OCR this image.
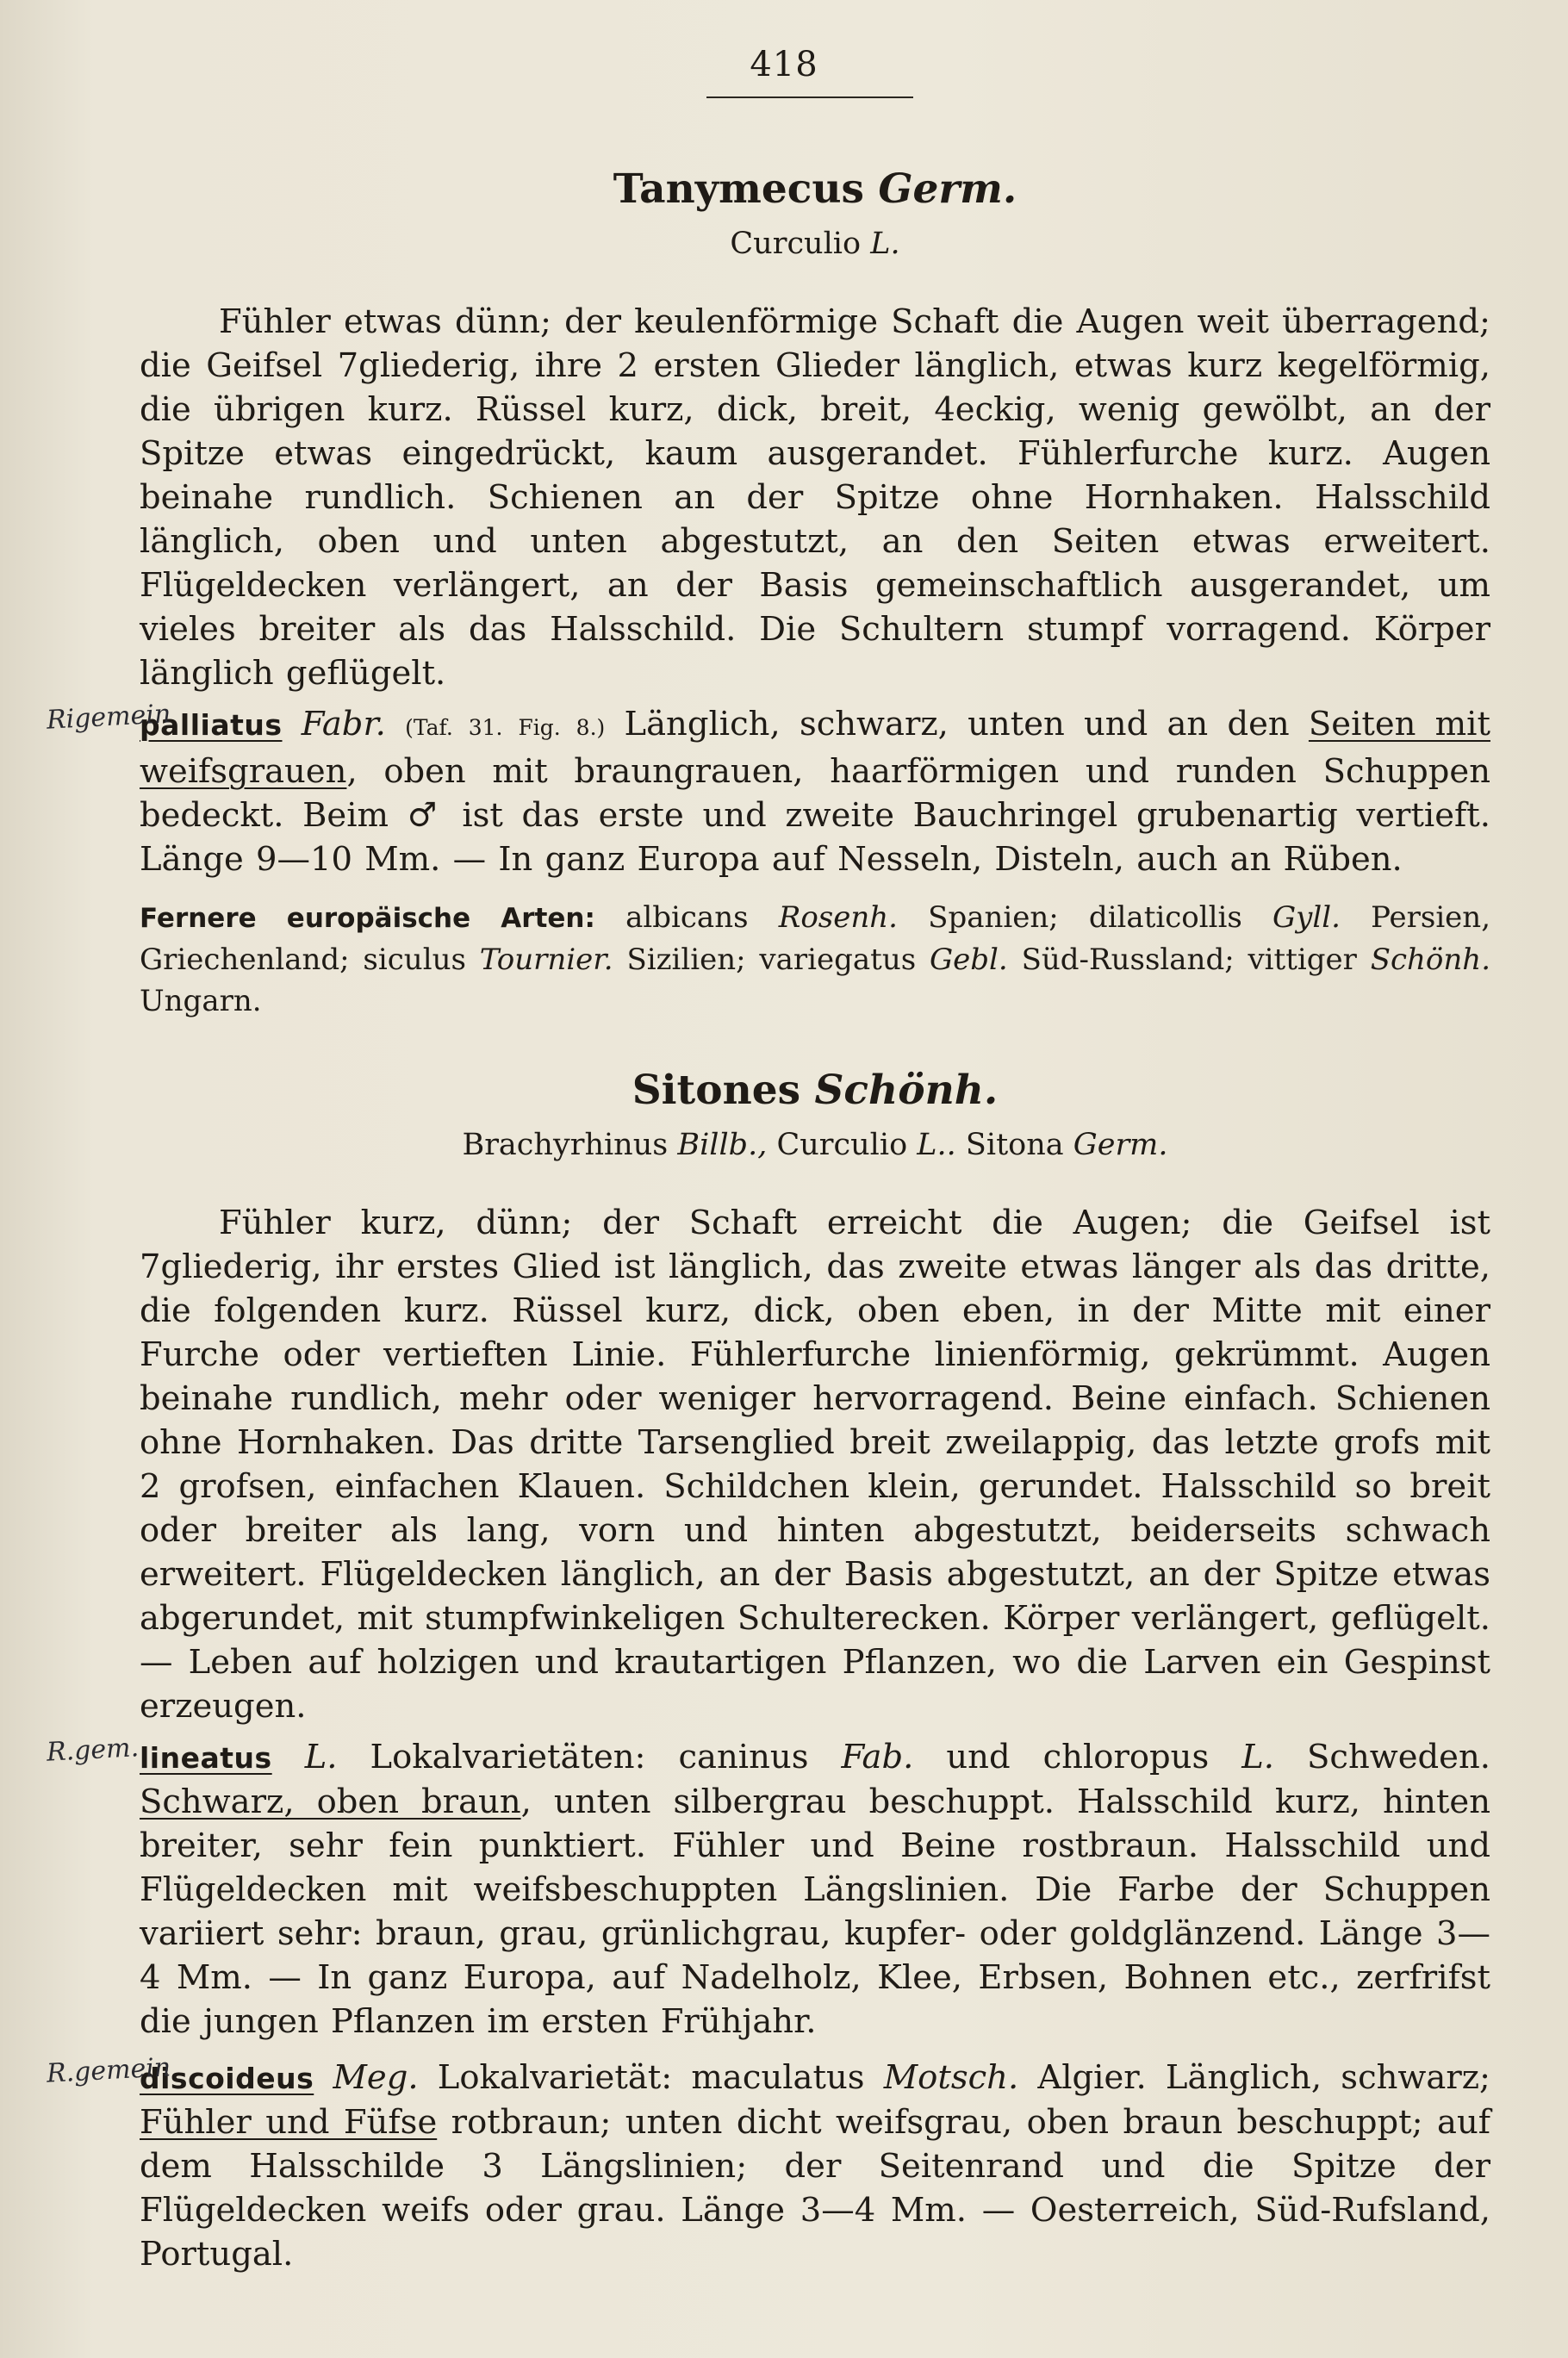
418
Tanymecus Germ.

Curculio L.

Fühler etwas dünn; der keulenförmige Schaft die Augen weit überragend; die Geifsel 7gliederig, ihre 2 ersten Glieder länglich, etwas kurz kegelförmig, die übrigen kurz. Rüssel kurz, dick, breit, 4eckig, wenig gewölbt, an der Spitze etwas eingedrückt, kaum ausgerandet. Fühlerfurche kurz. Augen beinahe rundlich. Schienen an der Spitze ohne Hornhaken. Halsschild länglich, oben und unten abgestutzt, an den Seiten etwas erweitert. Flügeldecken verlängert, an der Basis gemeinschaftlich ausgerandet, um vieles breiter als das Halsschild. Die Schultern stumpf vorragend. Körper länglich geflügelt.

Rigemein

palliatus Fabr. (Taf. 31. Fig. 8.) Länglich, schwarz, unten und an den Seiten mit weifsgrauen, oben mit braungrauen, haarförmigen und runden Schuppen bedeckt. Beim ♂ ist das erste und zweite Bauchringel grubenartig vertieft. Länge 9—10 Mm. — In ganz Europa auf Nesseln, Disteln, auch an Rüben.

Fernere europäische Arten: albicans Rosenh. Spanien; dilaticollis Gyll. Persien, Griechenland; siculus Tournier. Sizilien; variegatus Gebl. Süd-Russland; vittiger Schönh. Ungarn.

Sitones Schönh.

Brachyrhinus Billb., Curculio L.. Sitona Germ.

Fühler kurz, dünn; der Schaft erreicht die Augen; die Geifsel ist 7gliederig, ihr erstes Glied ist länglich, das zweite etwas länger als das dritte, die folgenden kurz. Rüssel kurz, dick, oben eben, in der Mitte mit einer Furche oder vertieften Linie. Fühlerfurche linienförmig, gekrümmt. Augen beinahe rundlich, mehr oder weniger hervorragend. Beine einfach. Schienen ohne Hornhaken. Das dritte Tarsenglied breit zweilappig, das letzte grofs mit 2 grofsen, einfachen Klauen. Schildchen klein, gerundet. Halsschild so breit oder breiter als lang, vorn und hinten abgestutzt, beiderseits schwach erweitert. Flügeldecken länglich, an der Basis abgestutzt, an der Spitze etwas abgerundet, mit stumpfwinkeligen Schulterecken. Körper verlängert, geflügelt. — Leben auf holzigen und krautartigen Pflanzen, wo die Larven ein Gespinst erzeugen.

R.gem. lineatus L. Lokalvarietäten: caninus Fab. und chloropus L. Schweden. Schwarz, oben braun, unten silbergrau beschuppt. Halsschild kurz, hinten breiter, sehr fein punktiert. Fühler und Beine rostbraun. Halsschild und Flügeldecken mit weifsbeschuppten Längslinien. Die Farbe der Schuppen variiert sehr: braun, grau, grünlichgrau, kupfer- oder goldglänzend. Länge 3—4 Mm. — In ganz Europa, auf Nadelholz, Klee, Erbsen, Bohnen etc., zerfrifst die jungen Pflanzen im ersten Frühjahr.

R.gemein

discoideus Meg. Lokalvarietät: maculatus Motsch. Algier. Länglich, schwarz; Fühler und Füfse rotbraun; unten dicht weifsgrau, oben braun beschuppt; auf dem Halsschilde 3 Längslinien; der Seitenrand und die Spitze der Flügeldecken weifs oder grau. Länge 3—4 Mm. — Oesterreich, Süd-Rufsland, Portugal.
